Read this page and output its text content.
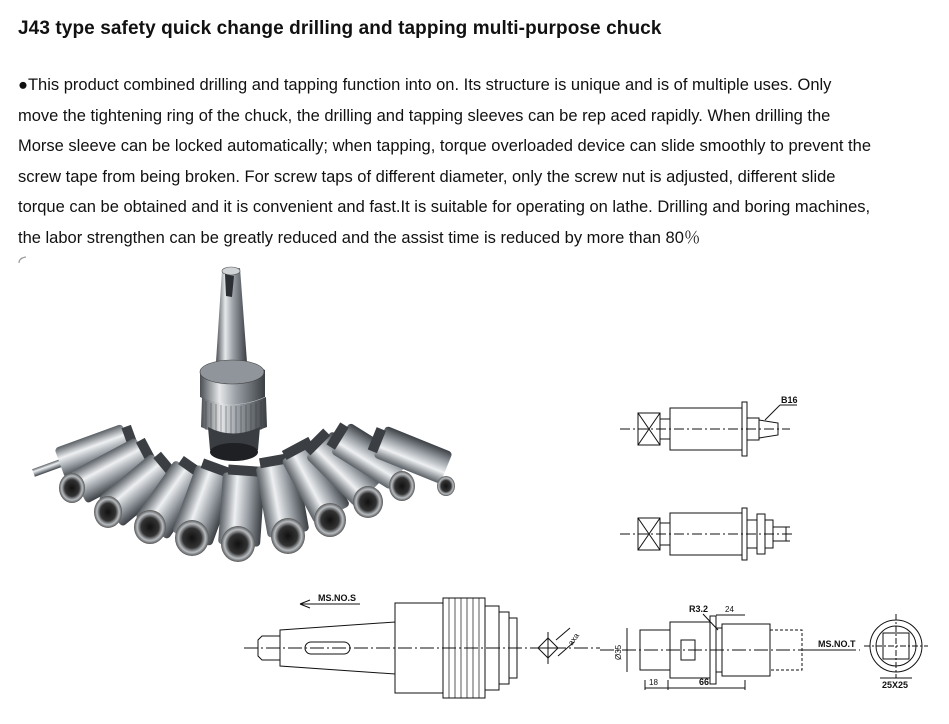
J43 type safety quick change drilling and tapping multi-purpose chuck

●This product combined drilling and tapping function into on. Its structure is unique and is of multiple uses. Only
move the tightening ring of the chuck, the drilling and tapping sleeves can be rep aced rapidly. When drilling the
Morse sleeve can be locked automatically; when tapping, torque overloaded device can slide smoothly to prevent the
screw tape from being broken. For screw taps of different diameter, only the screw nut is adjusted, different slide
torque can be obtained and it is convenient and fast.It is suitable for operating on lathe. Drilling and boring machines,
the labor strengthen can be greatly reduced and the assist time is reduced by more than 80％

B16
MS.NO.S
axa
R3.2 24
Ø35
18	66
MS.NO.T
25X25
